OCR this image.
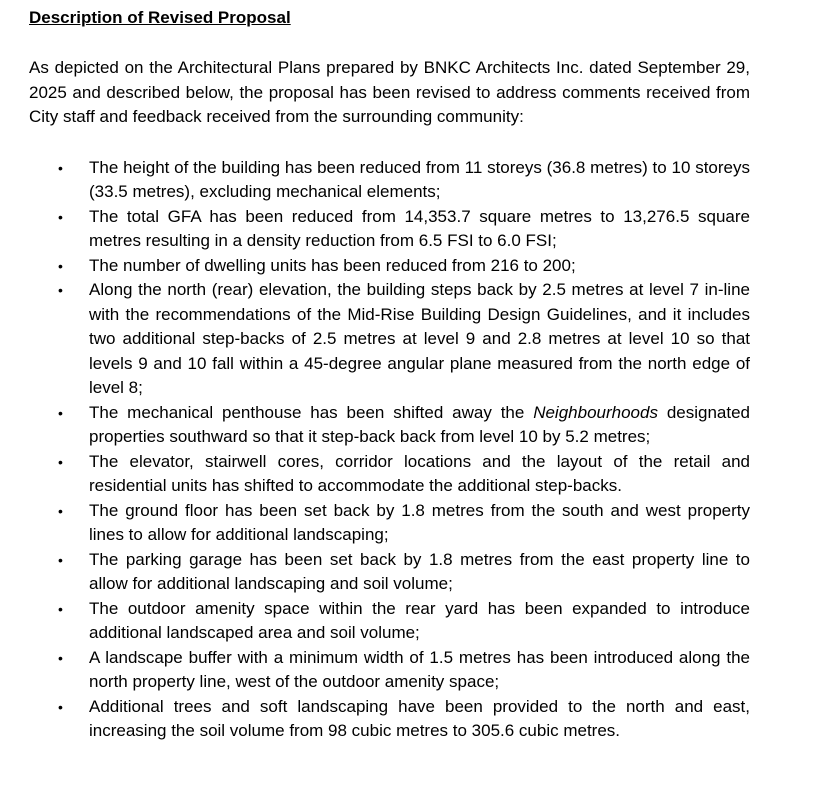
Description of Revised Proposal

As depicted on the Architectural Plans prepared by BNKC Architects Inc. dated September 29, 2025 and described below, the proposal has been revised to address comments received from City staff and feedback received from the surrounding community:

• The height of the building has been reduced from 11 storeys (36.8 metres) to 10 storeys (33.5 metres), excluding mechanical elements;
• The total GFA has been reduced from 14,353.7 square metres to 13,276.5 square metres resulting in a density reduction from 6.5 FSI to 6.0 FSI;
• The number of dwelling units has been reduced from 216 to 200;
• Along the north (rear) elevation, the building steps back by 2.5 metres at level 7 in-line with the recommendations of the Mid-Rise Building Design Guidelines, and it includes two additional step-backs of 2.5 metres at level 9 and 2.8 metres at level 10 so that levels 9 and 10 fall within a 45-degree angular plane measured from the north edge of level 8;
• The mechanical penthouse has been shifted away the Neighbourhoods designated properties southward so that it step-back back from level 10 by 5.2 metres;
• The elevator, stairwell cores, corridor locations and the layout of the retail and residential units has shifted to accommodate the additional step-backs.
• The ground floor has been set back by 1.8 metres from the south and west property lines to allow for additional landscaping;
• The parking garage has been set back by 1.8 metres from the east property line to allow for additional landscaping and soil volume;
• The outdoor amenity space within the rear yard has been expanded to introduce additional landscaped area and soil volume;
• A landscape buffer with a minimum width of 1.5 metres has been introduced along the north property line, west of the outdoor amenity space;
• Additional trees and soft landscaping have been provided to the north and east, increasing the soil volume from 98 cubic metres to 305.6 cubic metres.
